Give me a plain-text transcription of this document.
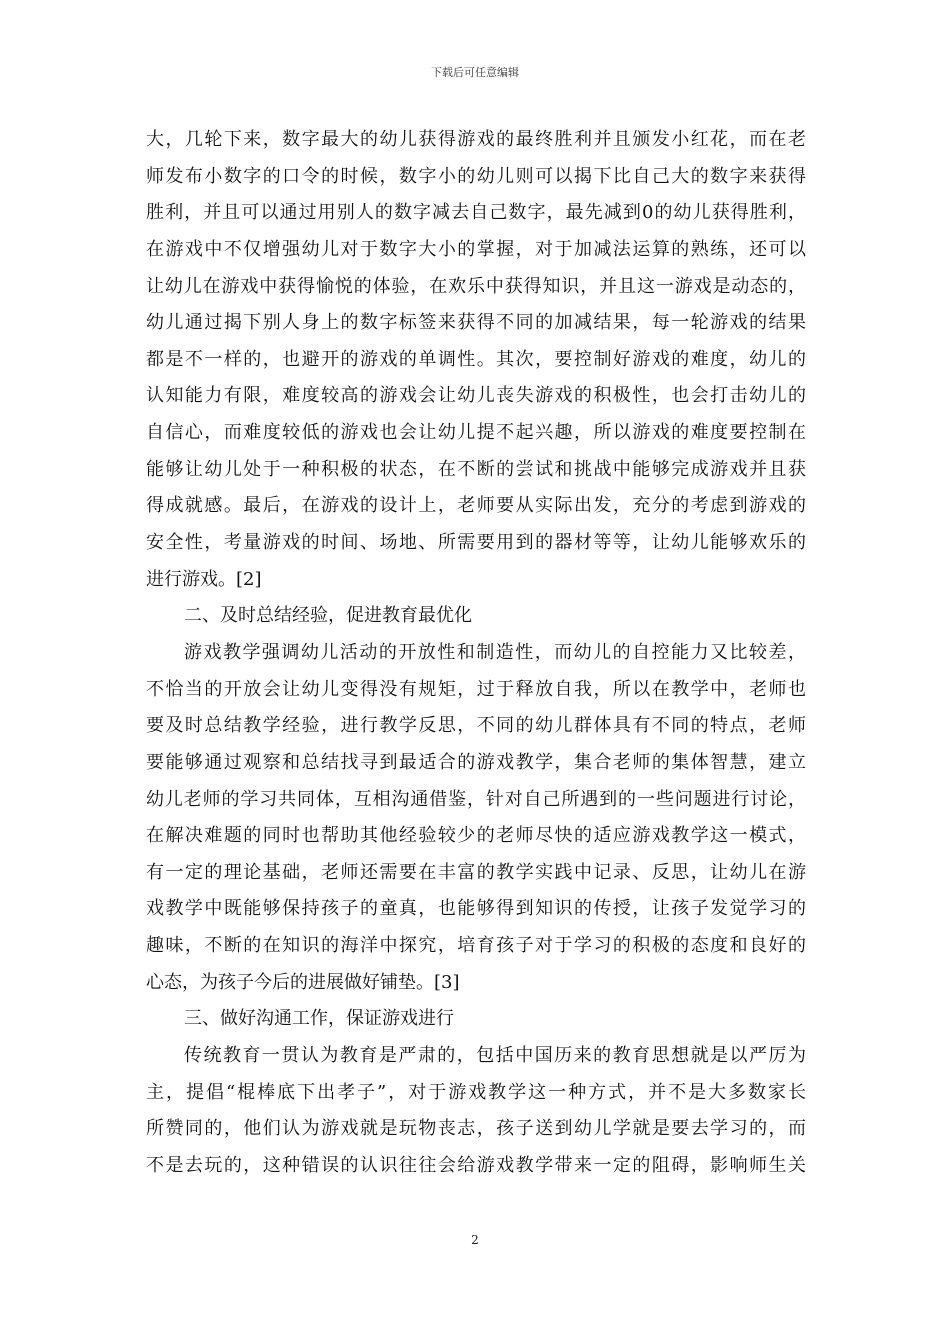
下载后可任意编辑
大，几轮下来，数字最大的幼儿获得游戏的最终胜利并且颁发小红花，而在老
师发布小数字的口令的时候，数字小的幼儿则可以揭下比自己大的数字来获得
胜利，并且可以通过用别人的数字减去自己数字，最先减到0的幼儿获得胜利，
在游戏中不仅增强幼儿对于数字大小的掌握，对于加减法运算的熟练，还可以
让幼儿在游戏中获得愉悦的体验，在欢乐中获得知识，并且这一游戏是动态的，
幼儿通过揭下别人身上的数字标签来获得不同的加减结果，每一轮游戏的结果
都是不一样的，也避开的游戏的单调性。其次，要控制好游戏的难度，幼儿的
认知能力有限，难度较高的游戏会让幼儿丧失游戏的积极性，也会打击幼儿的
自信心，而难度较低的游戏也会让幼儿提不起兴趣，所以游戏的难度要控制在
能够让幼儿处于一种积极的状态，在不断的尝试和挑战中能够完成游戏并且获
得成就感。最后，在游戏的设计上，老师要从实际出发，充分的考虑到游戏的
安全性，考量游戏的时间、场地、所需要用到的器材等等，让幼儿能够欢乐的
进行游戏。[2]
二、及时总结经验，促进教育最优化
游戏教学强调幼儿活动的开放性和制造性，而幼儿的自控能力又比较差，
不恰当的开放会让幼儿变得没有规矩，过于释放自我，所以在教学中，老师也
要及时总结教学经验，进行教学反思，不同的幼儿群体具有不同的特点，老师
要能够通过观察和总结找寻到最适合的游戏教学，集合老师的集体智慧，建立
幼儿老师的学习共同体，互相沟通借鉴，针对自己所遇到的一些问题进行讨论，
在解决难题的同时也帮助其他经验较少的老师尽快的适应游戏教学这一模式，
有一定的理论基础，老师还需要在丰富的教学实践中记录、反思，让幼儿在游
戏教学中既能够保持孩子的童真，也能够得到知识的传授，让孩子发觉学习的
趣味，不断的在知识的海洋中探究，培育孩子对于学习的积极的态度和良好的
心态，为孩子今后的进展做好铺垫。[3]
三、做好沟通工作，保证游戏进行
传统教育一贯认为教育是严肃的，包括中国历来的教育思想就是以严厉为
主，提倡“棍棒底下出孝子”，对于游戏教学这一种方式，并不是大多数家长
所赞同的，他们认为游戏就是玩物丧志，孩子送到幼儿学就是要去学习的，而
不是去玩的，这种错误的认识往往会给游戏教学带来一定的阻碍，影响师生关
2
